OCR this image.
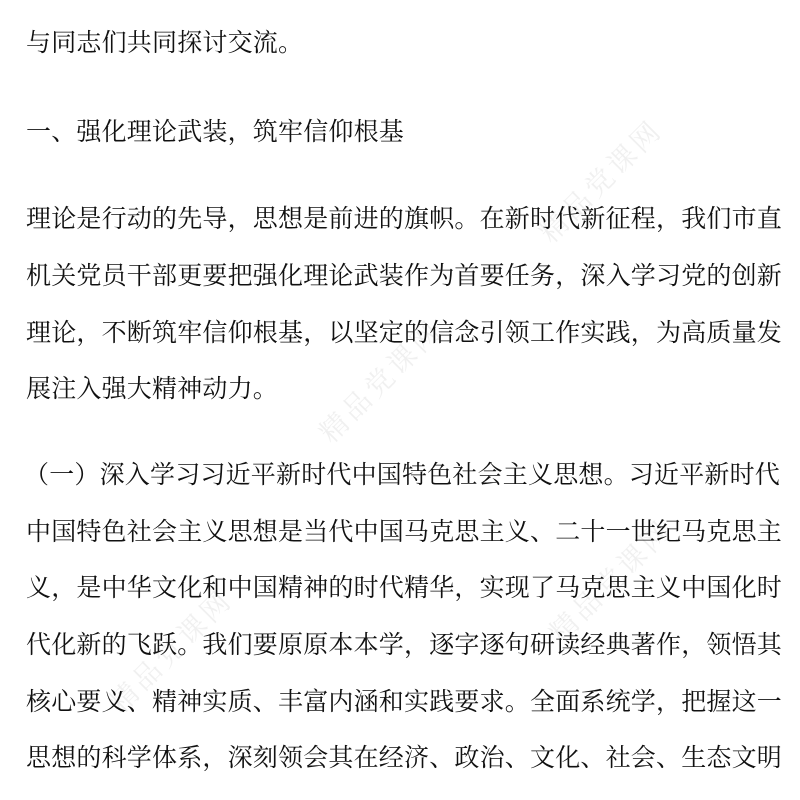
精品党课网
精品党课网
精品党课网
精品党课网
与同志们共同探讨交流。
一、强化理论武装，筑牢信仰根基
理论是行动的先导，思想是前进的旗帜。在新时代新征程，我们市直
机关党员干部更要把强化理论武装作为首要任务，深入学习党的创新
理论，不断筑牢信仰根基，以坚定的信念引领工作实践，为高质量发
展注入强大精神动力。
（一）深入学习习近平新时代中国特色社会主义思想。习近平新时代
中国特色社会主义思想是当代中国马克思主义、二十一世纪马克思主
义，是中华文化和中国精神的时代精华，实现了马克思主义中国化时
代化新的飞跃。我们要原原本本学，逐字逐句研读经典著作，领悟其
核心要义、精神实质、丰富内涵和实践要求。全面系统学，把握这一
思想的科学体系，深刻领会其在经济、政治、文化、社会、生态文明
